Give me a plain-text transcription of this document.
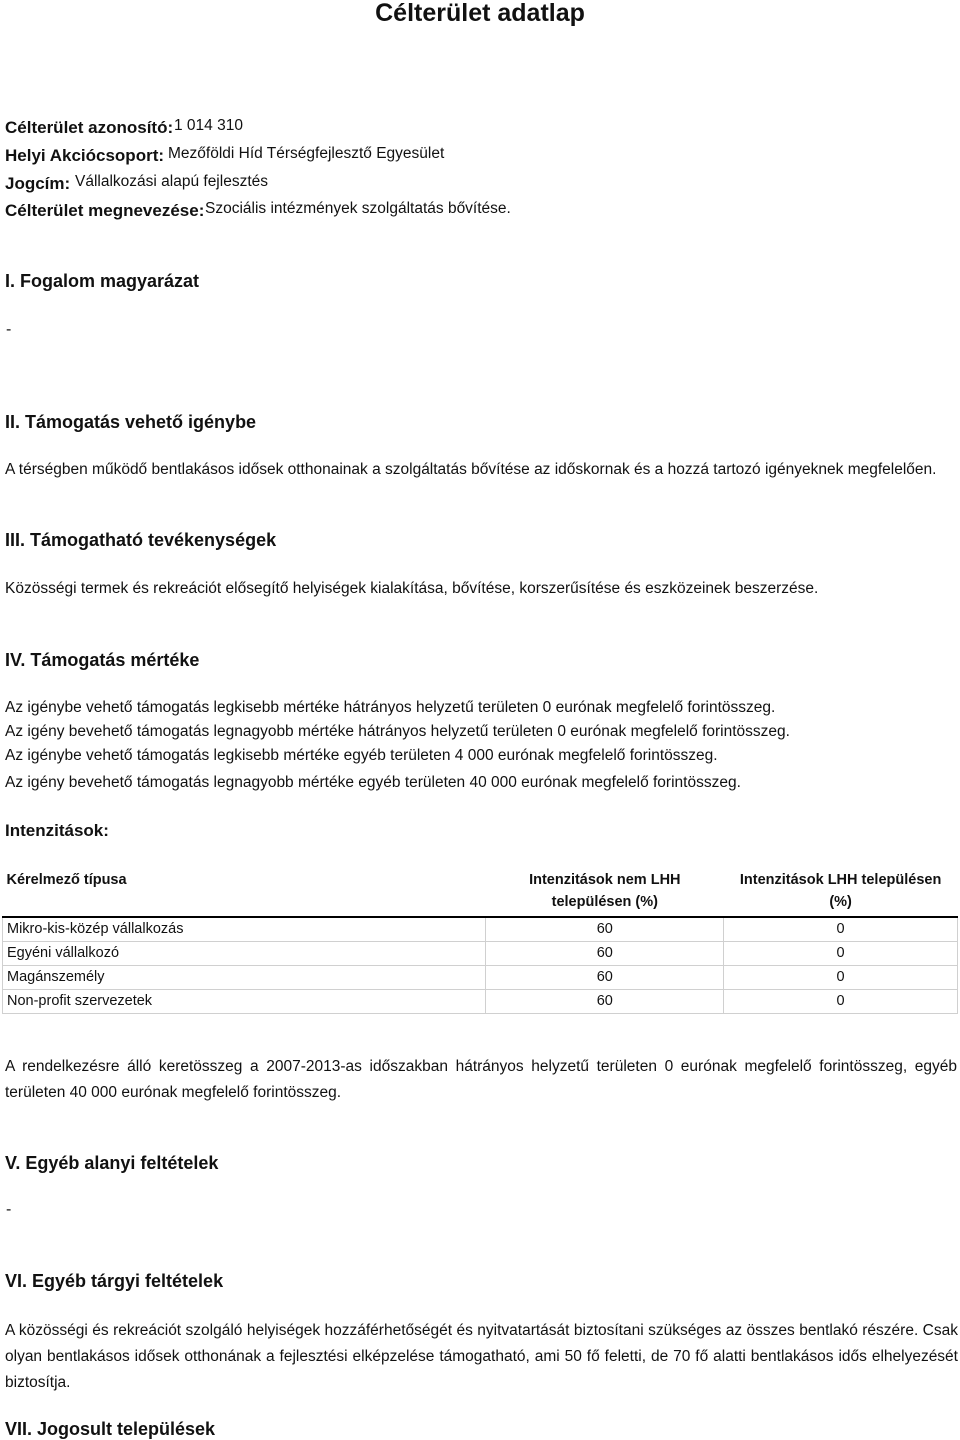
Célterület adatlap
Célterület azonosító: 1 014 310
Helyi Akciócsoport: Mezőföldi Híd Térségfejlesztő Egyesület
Jogcím: Vállalkozási alapú fejlesztés
Célterület megnevezése: Szociális intézmények szolgáltatás bővítése.
I. Fogalom magyarázat
-
II. Támogatás vehető igénybe
A térségben működő bentlakásos idősek otthonainak a szolgáltatás bővítése az időskornak és a hozzá tartozó igényeknek megfelelően.
III. Támogatható tevékenységek
Közösségi termek és rekreációt elősegítő helyiségek kialakítása, bővítése, korszerűsítése és eszközeinek beszerzése.
IV. Támogatás mértéke
Az igénybe vehető támogatás legkisebb mértéke hátrányos helyzetű területen 0 eurónak megfelelő forintösszeg.
Az igény bevehető támogatás legnagyobb mértéke hátrányos helyzetű területen 0 eurónak megfelelő forintösszeg.
Az igénybe vehető támogatás legkisebb mértéke egyéb területen 4 000 eurónak megfelelő forintösszeg.
Az igény bevehető támogatás legnagyobb mértéke egyéb területen 40 000 eurónak megfelelő forintösszeg.
Intenzitások:
Kérelmező típusa	Intenzitások nem LHH településen (%)	Intenzitások LHH településen (%)
Mikro-kis-közép vállalkozás	60	0
Egyéni vállalkozó	60	0
Magánszemély	60	0
Non-profit szervezetek	60	0
A rendelkezésre álló keretösszeg a 2007-2013-as időszakban hátrányos helyzetű területen 0 eurónak megfelelő forintösszeg, egyéb területen 40 000 eurónak megfelelő forintösszeg.
V. Egyéb alanyi feltételek
-
VI. Egyéb tárgyi feltételek
A közösségi és rekreációt szolgáló helyiségek hozzáférhetőségét és nyitvatartását biztosítani szükséges az összes bentlakó részére. Csak olyan bentlakásos idősek otthonának a fejlesztési elképzelése támogatható, ami 50 fő feletti, de 70 fő alatti bentlakásos idős elhelyezését biztosítja.
VII. Jogosult települések
